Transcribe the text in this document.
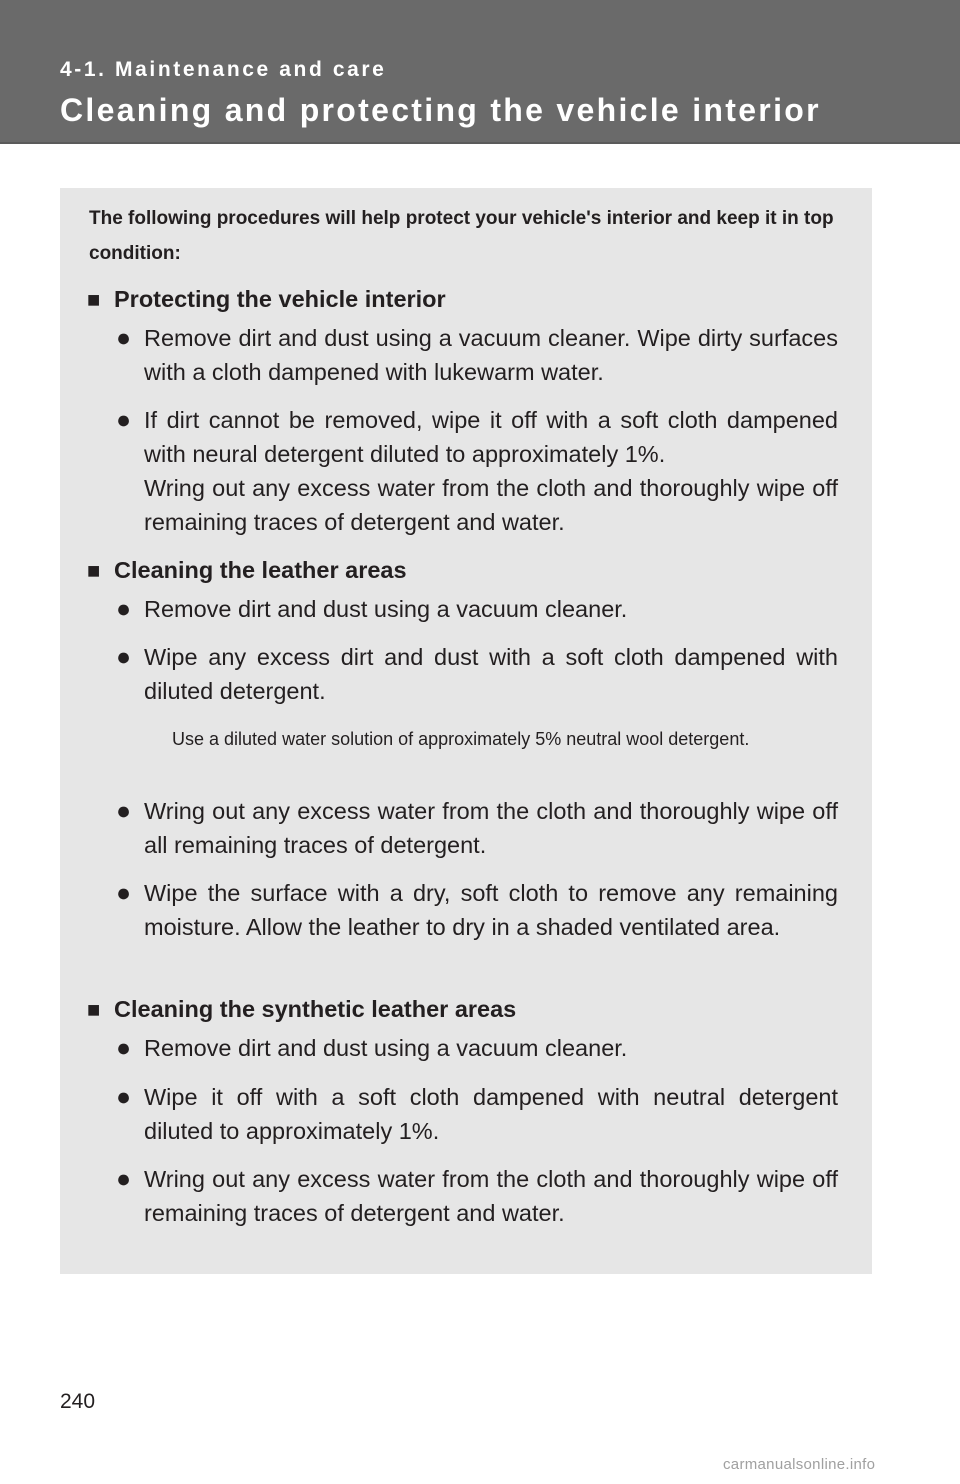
4-1. Maintenance and care
Cleaning and protecting the vehicle interior
The following procedures will help protect your vehicle's interior and keep it in top condition:
■ Protecting the vehicle interior
● Remove dirt and dust using a vacuum cleaner. Wipe dirty surfaces with a cloth dampened with lukewarm water.

● If dirt cannot be removed, wipe it off with a soft cloth dampened with neural detergent diluted to approximately 1%.

Wring out any excess water from the cloth and thoroughly wipe off remaining traces of detergent and water.

■ Cleaning the leather areas
● Remove dirt and dust using a vacuum cleaner.

● Wipe any excess dirt and dust with a soft cloth dampened with diluted detergent.

Use a diluted water solution of approximately 5% neutral wool detergent.
● Wring out any excess water from the cloth and thoroughly wipe off all remaining traces of detergent.

● Wipe the surface with a dry, soft cloth to remove any remaining moisture. Allow the leather to dry in a shaded ventilated area.

■ Cleaning the synthetic leather areas
● Remove dirt and dust using a vacuum cleaner.

● Wipe it off with a soft cloth dampened with neutral detergent diluted to approximately 1%.

● Wring out any excess water from the cloth and thoroughly wipe off remaining traces of detergent and water.

240
carmanualsonline.info
